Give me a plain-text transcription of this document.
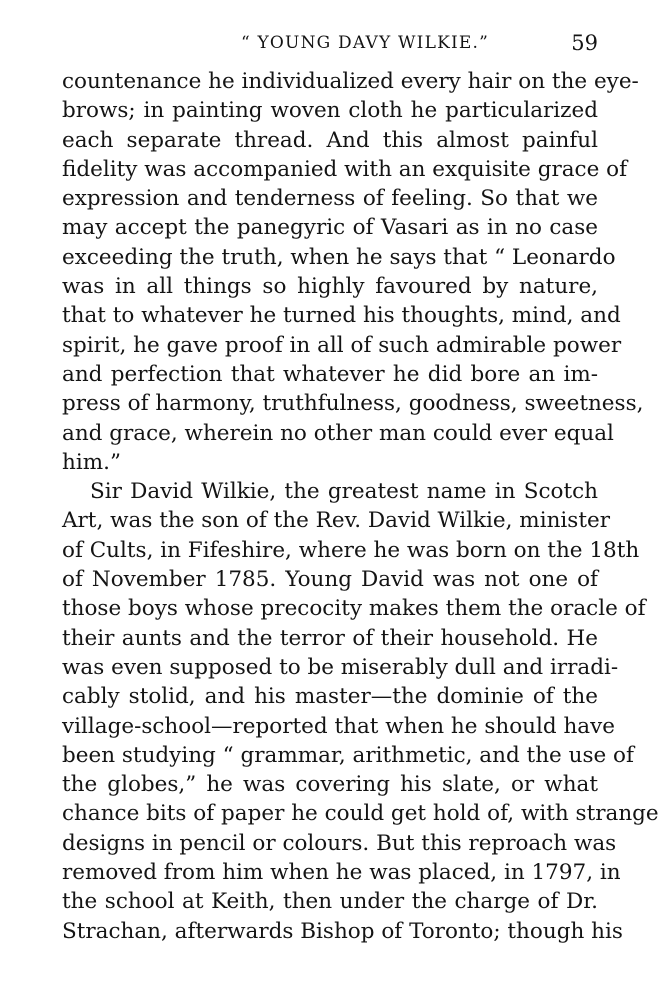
“ YOUNG DAVY WILKIE.”	59
countenance he individualized every hair on the eye-
brows; in painting woven cloth he particularized
each separate thread. And this almost painful
fidelity was accompanied with an exquisite grace of
expression and tenderness of feeling. So that we
may accept the panegyric of Vasari as in no case
exceeding the truth, when he says that “ Leonardo
was in all things so highly favoured by nature,
that to whatever he turned his thoughts, mind, and
spirit, he gave proof in all of such admirable power
and perfection that whatever he did bore an im-
press of harmony, truthfulness, goodness, sweetness,
and grace, wherein no other man could ever equal
him.”
Sir David Wilkie, the greatest name in Scotch
Art, was the son of the Rev. David Wilkie, minister
of Cults, in Fifeshire, where he was born on the 18th
of November 1785. Young David was not one of
those boys whose precocity makes them the oracle of
their aunts and the terror of their household. He
was even supposed to be miserably dull and irradi-
cably stolid, and his master—the dominie of the
village-school—reported that when he should have
been studying “ grammar, arithmetic, and the use of
the globes,” he was covering his slate, or what
chance bits of paper he could get hold of, with strange
designs in pencil or colours. But this reproach was
removed from him when he was placed, in 1797, in
the school at Keith, then under the charge of Dr.
Strachan, afterwards Bishop of Toronto; though his
